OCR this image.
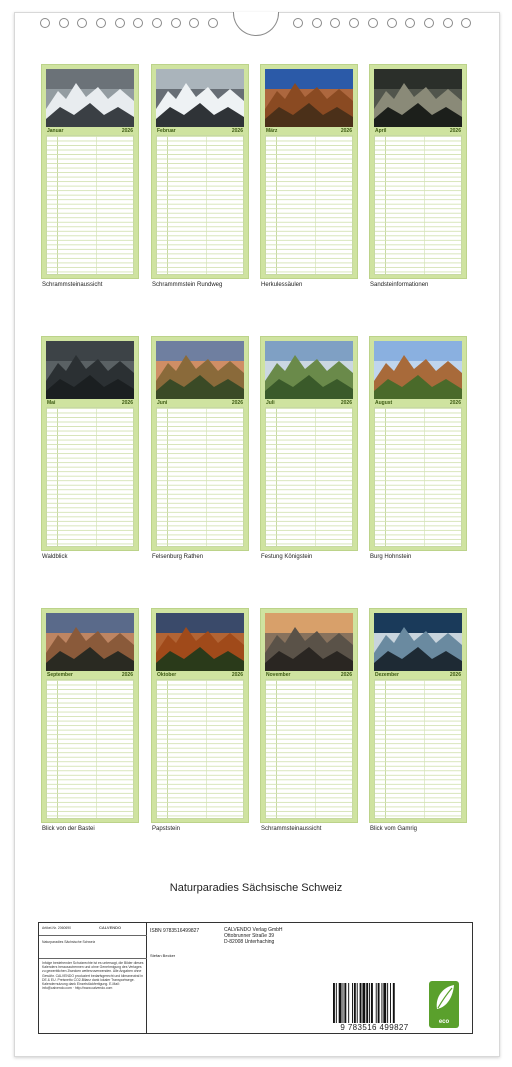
Januar	2026
Schrammsteinaussicht
Februar	2026
Schrammmstein Rundweg
März	2026
Herkulessäulen
April	2026
Sandsteinformationen
Mai	2026
Waldblick
Juni	2026
Felsenburg Rathen
Juli	2026
Festung Königstein
August	2026
Burg Hohnstein
September	2026
Blick von der Bastei
Oktober	2026
Papststein
November	2026
Schrammsteinaussicht
Dezember	2026
Blick vom Gamrig
Naturparadies Sächsische Schweiz
Artikel-Nr. 2060690	CALVENDO
Naturparadies Sächsische Schweiz
Infolge bestehender Schutzrechte ist es untersagt, die Bilder dieses Kalenders herauszutrennen und ohne Genehmigung des Verlages zu gewerblichen Zwecken weiterzuverwenden. Alle Angaben ohne Gewähr. CALVENDO produziert bedarfsgerecht und klimaneutral in DE & EU. Preisnetto CO2-Bilanz dank lokaler Transportwege. Kalendernutzung dank Einzelstückfertigung. E-Mail: info@calvendo.com · http://www.calvendo.com
ISBN 9783516499827	CALVENDO Verlag GmbH
Ottobrunner Straße 39
D-82008 Unterhaching
Stefan Becker
9 783516 499827
eco
